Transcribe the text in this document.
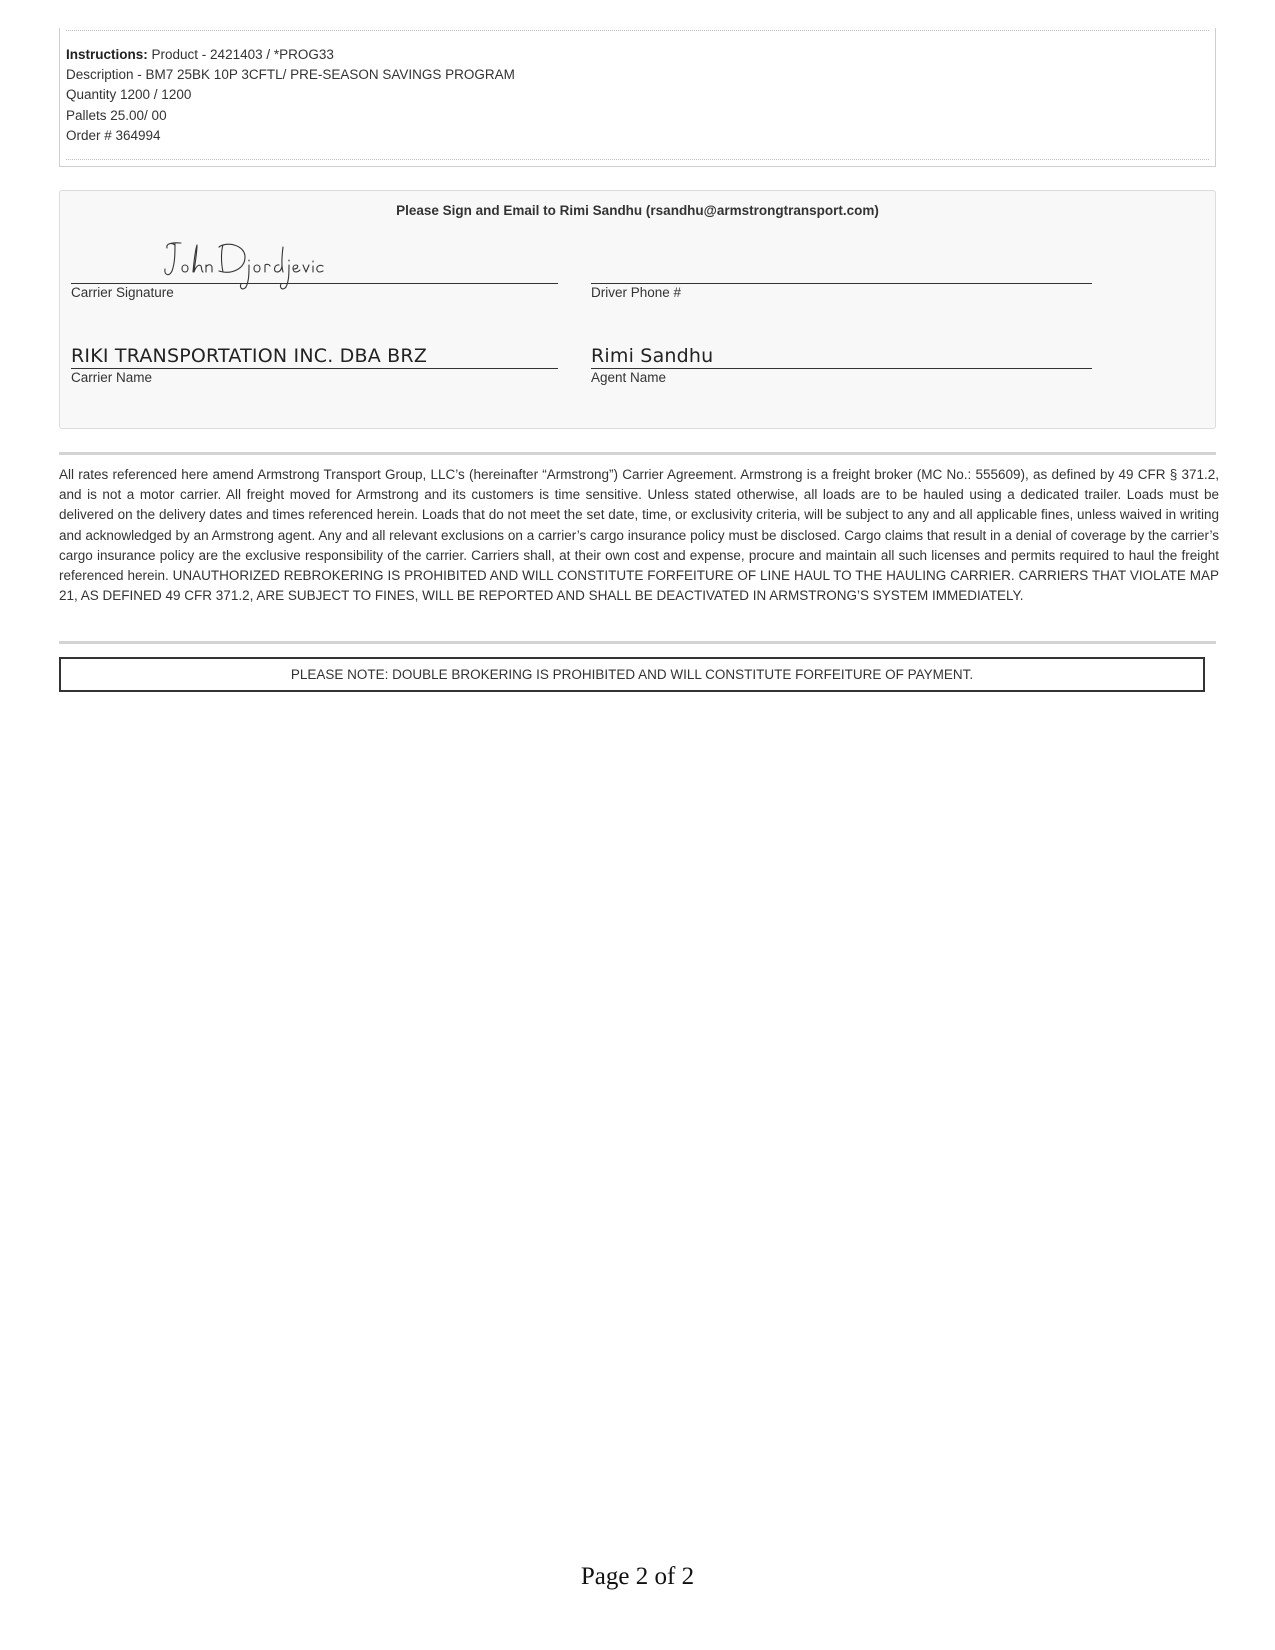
Instructions: Product - 2421403 / *PROG33
Description - BM7 25BK 10P 3CFTL/ PRE-SEASON SAVINGS PROGRAM
Quantity 1200 / 1200
Pallets 25.00/ 00
Order # 364994
Please Sign and Email to Rimi Sandhu (rsandhu@armstrongtransport.com)
Carrier Signature	Driver Phone #
RIKI TRANSPORTATION INC. DBA BRZ
Carrier Name
Rimi Sandhu
Agent Name
All rates referenced here amend Armstrong Transport Group, LLC’s (hereinafter “Armstrong”) Carrier Agreement. Armstrong is a freight broker (MC No.: 555609), as defined by 49 CFR § 371.2, and is not a motor carrier. All freight moved for Armstrong and its customers is time sensitive. Unless stated otherwise, all loads are to be hauled using a dedicated trailer. Loads must be delivered on the delivery dates and times referenced herein. Loads that do not meet the set date, time, or exclusivity criteria, will be subject to any and all applicable fines, unless waived in writing and acknowledged by an Armstrong agent. Any and all relevant exclusions on a carrier’s cargo insurance policy must be disclosed. Cargo claims that result in a denial of coverage by the carrier’s cargo insurance policy are the exclusive responsibility of the carrier. Carriers shall, at their own cost and expense, procure and maintain all such licenses and permits required to haul the freight referenced herein. UNAUTHORIZED REBROKERING IS PROHIBITED AND WILL CONSTITUTE FORFEITURE OF LINE HAUL TO THE HAULING CARRIER. CARRIERS THAT VIOLATE MAP 21, AS DEFINED 49 CFR 371.2, ARE SUBJECT TO FINES, WILL BE REPORTED AND SHALL BE DEACTIVATED IN ARMSTRONG’S SYSTEM IMMEDIATELY.
PLEASE NOTE: DOUBLE BROKERING IS PROHIBITED AND WILL CONSTITUTE FORFEITURE OF PAYMENT.
Page 2 of 2
